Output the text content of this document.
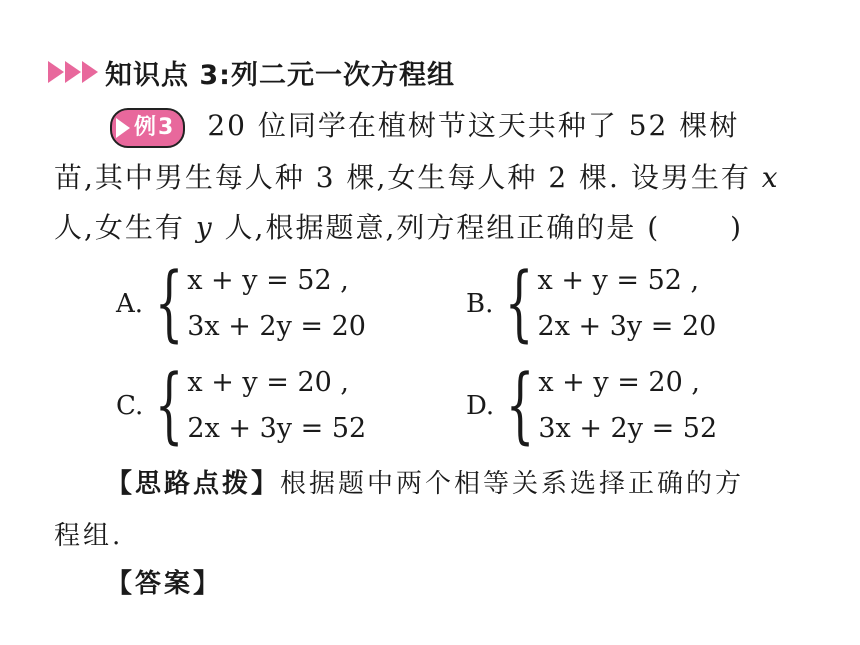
知识点 3:列二元一次方程组
例3 20 位同学在植树节这天共种了 52 棵树
苗,其中男生每人种 3 棵,女生每人种 2 棵. 设男生有 x
人,女生有 y 人,根据题意,列方程组正确的是 (	)
A. { x + y = 52 ,
3x + 2y = 20
B. { x + y = 52 ,
2x + 3y = 20
C. { x + y = 20 ,
2x + 3y = 52
D. { x + y = 20 ,
3x + 2y = 52
【思路点拨】根据题中两个相等关系选择正确的方
程组.
【答案】
